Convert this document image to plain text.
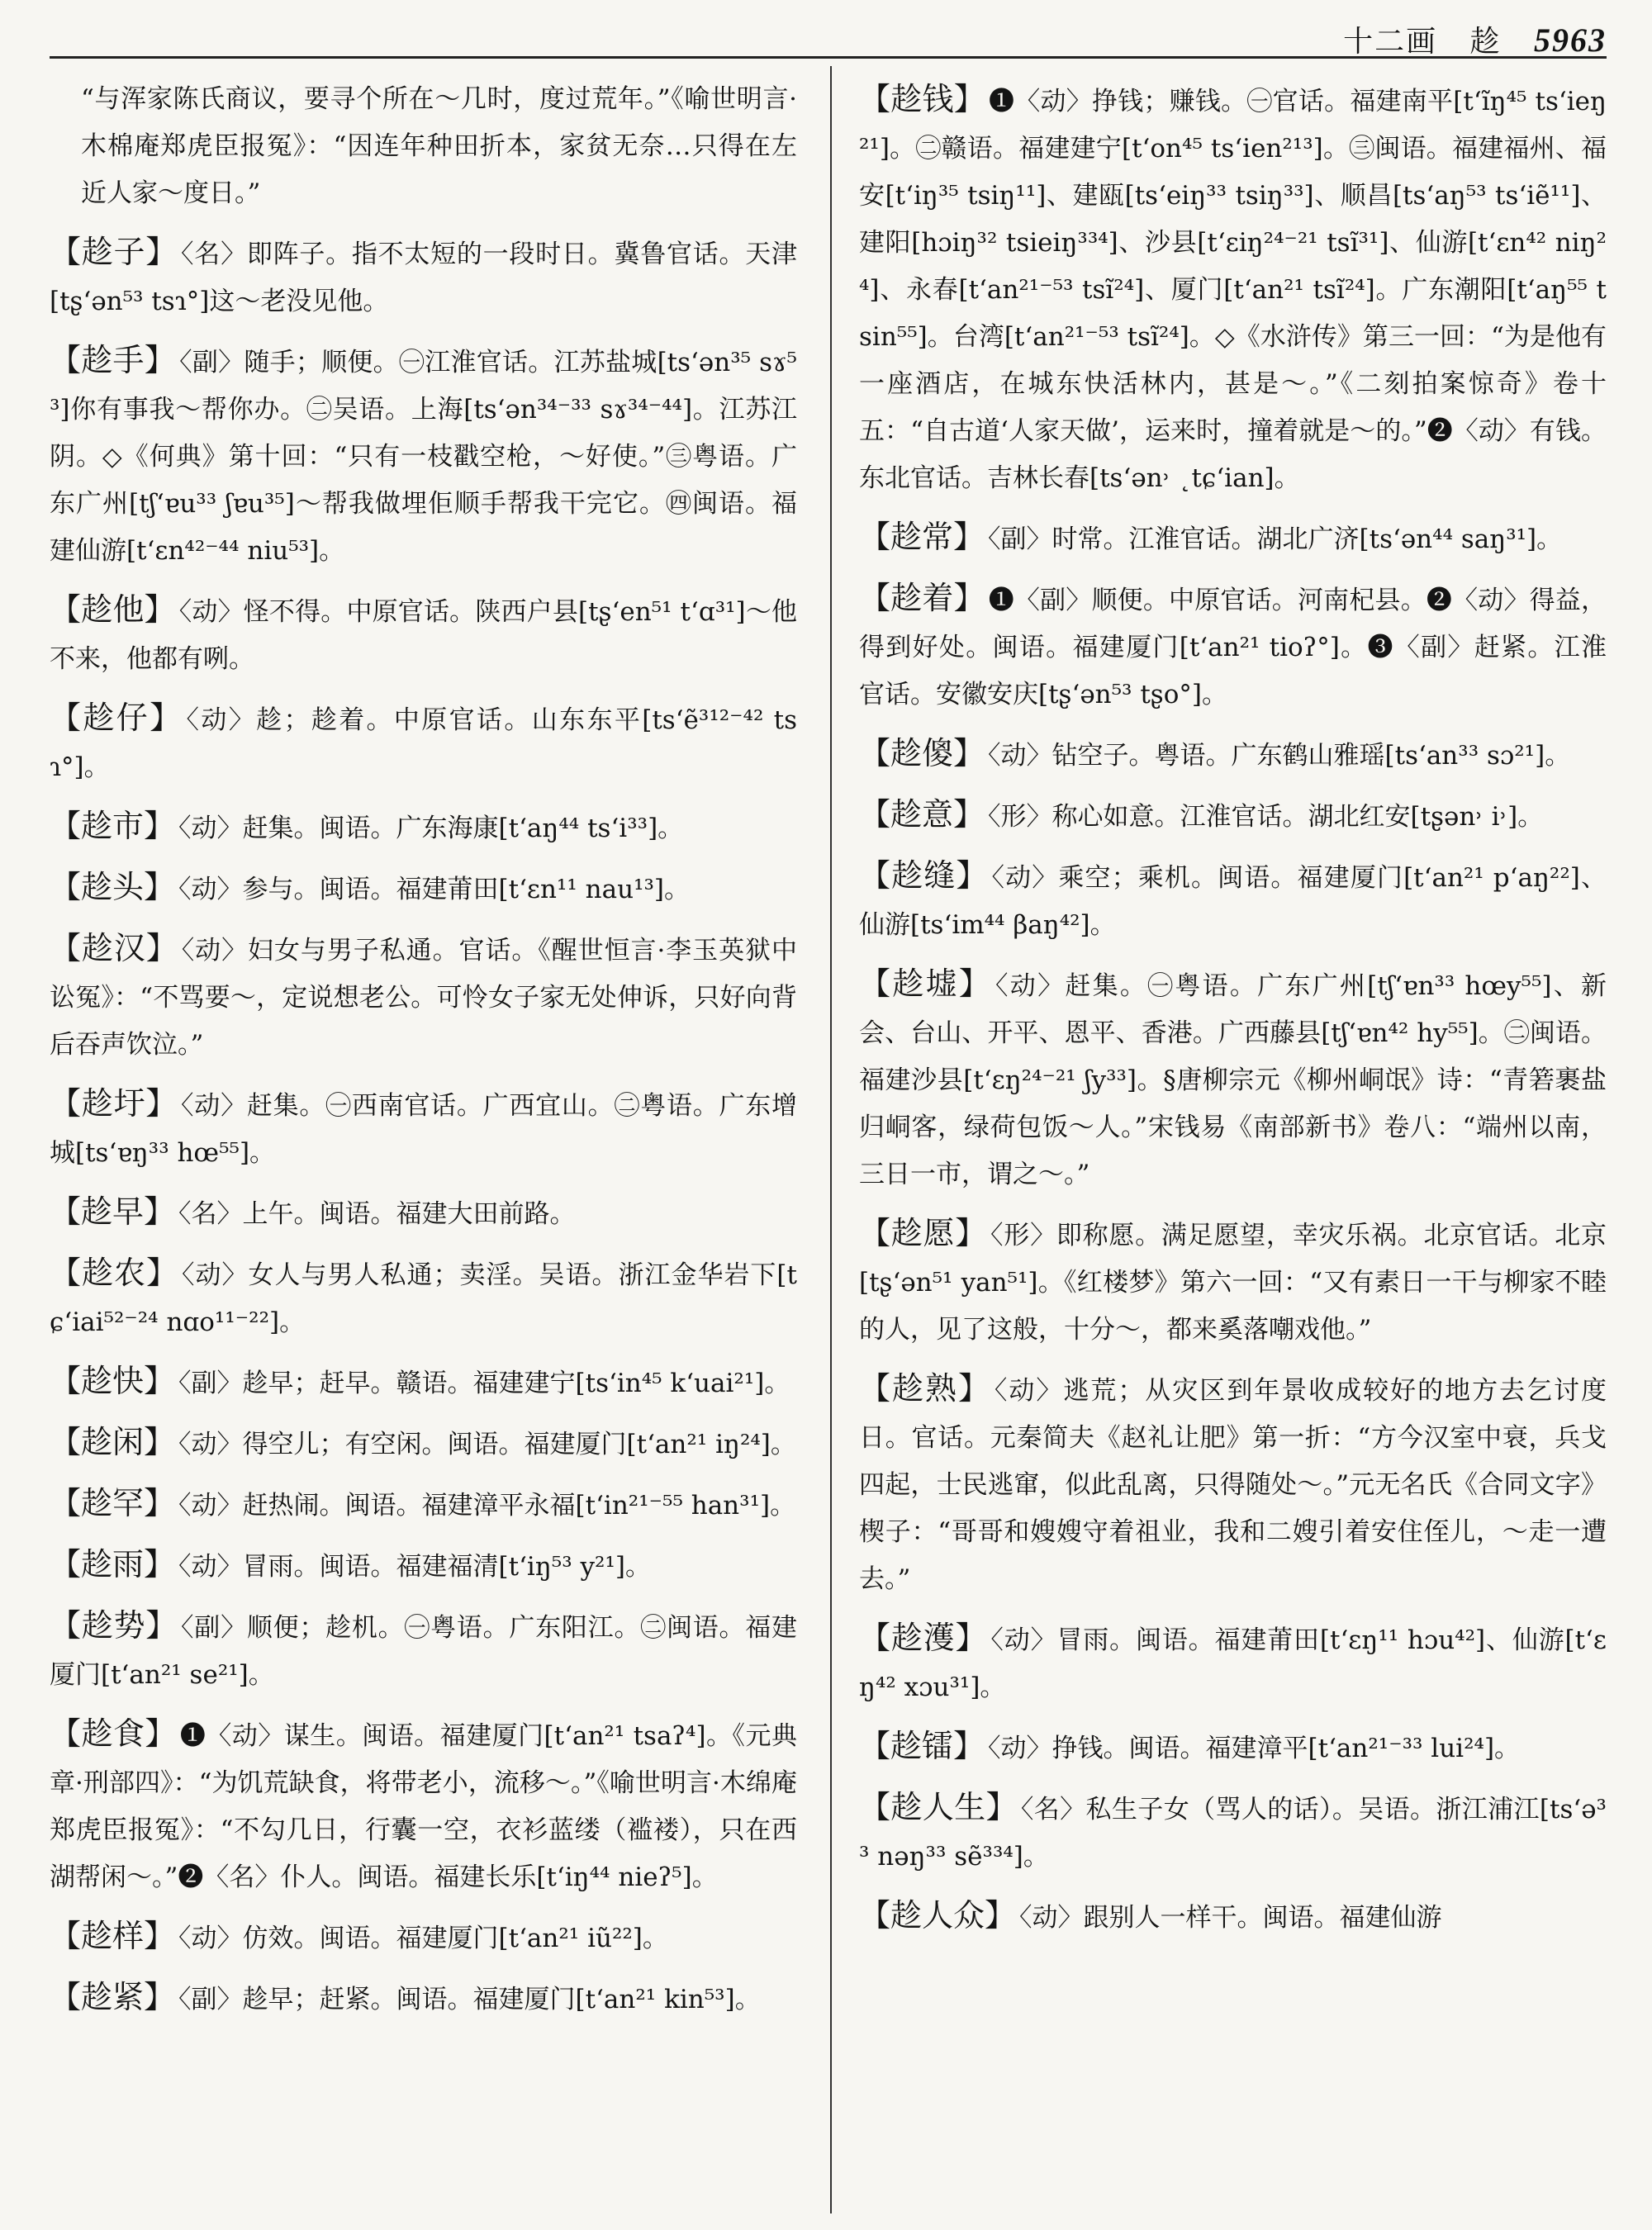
十二画 趁 5963
“与浑家陈氏商议，要寻个所在～几时，度过荒年。”《喻世明言·木棉庵郑虎臣报冤》：“因连年种田折本，家贫无奈…只得在左近人家～度日。”
【趁子】 〈名〉即阵子。指不太短的一段时日。冀鲁官话。天津[tʂ‘ən⁵³ tsɿ°]这～老没见他。
【趁手】 〈副〉随手；顺便。㊀江淮官话。江苏盐城[ts‘ən³⁵ sɤ⁵³]你有事我～帮你办。㊁吴语。上海[ts‘ən³⁴⁻³³ sɤ³⁴⁻⁴⁴]。江苏江阴。◇《何典》第十回：“只有一枝戳空枪，～好使。”㊂粤语。广东广州[tʃ‘ɐu³³ ʃɐu³⁵]～帮我做埋佢顺手帮我干完它。㊃闽语。福建仙游[t‘ɛn⁴²⁻⁴⁴ niu⁵³]。
【趁他】 〈动〉怪不得。中原官话。陕西户县[tʂ‘en⁵¹ t‘ɑ³¹]～他不来，他都有咧。
【趁仔】 〈动〉趁；趁着。中原官话。山东东平[ts‘ẽ³¹²⁻⁴² tsɿ°]。
【趁市】 〈动〉赶集。闽语。广东海康[t‘aŋ⁴⁴ ts‘i³³]。
【趁头】 〈动〉参与。闽语。福建莆田[t‘ɛn¹¹ nau¹³]。
【趁汉】 〈动〉妇女与男子私通。官话。《醒世恒言·李玉英狱中讼冤》：“不骂要～，定说想老公。可怜女子家无处伸诉，只好向背后吞声饮泣。”
【趁圩】 〈动〉赶集。㊀西南官话。广西宜山。㊁粤语。广东增城[ts‘ɐŋ³³ hœ⁵⁵]。
【趁早】 〈名〉上午。闽语。福建大田前路。
【趁农】 〈动〉女人与男人私通；卖淫。吴语。浙江金华岩下[tɕ‘iai⁵²⁻²⁴ nɑo¹¹⁻²²]。
【趁快】 〈副〉趁早；赶早。赣语。福建建宁[ts‘in⁴⁵ k‘uai²¹]。
【趁闲】 〈动〉得空儿；有空闲。闽语。福建厦门[t‘an²¹ iŋ²⁴]。
【趁罕】 〈动〉赶热闹。闽语。福建漳平永福[t‘in²¹⁻⁵⁵ han³¹]。
【趁雨】 〈动〉冒雨。闽语。福建福清[t‘iŋ⁵³ y²¹]。
【趁势】 〈副〉顺便；趁机。㊀粤语。广东阳江。㊁闽语。福建厦门[t‘an²¹ se²¹]。
【趁食】 ❶〈动〉谋生。闽语。福建厦门[t‘an²¹ tsaʔ⁴]。《元典章·刑部四》：“为饥荒缺食，将带老小，流移～。”《喻世明言·木绵庵郑虎臣报冤》：“不勾几日，行囊一空，衣衫蓝缕（褴褛），只在西湖帮闲～。”❷〈名〉仆人。闽语。福建长乐[t‘iŋ⁴⁴ nieʔ⁵]。
【趁样】 〈动〉仿效。闽语。福建厦门[t‘an²¹ iũ²²]。
【趁紧】 〈副〉趁早；赶紧。闽语。福建厦门[t‘an²¹ kin⁵³]。
【趁钱】 ❶〈动〉挣钱；赚钱。㊀官话。福建南平[t‘ĩŋ⁴⁵ ts‘ieŋ²¹]。㊁赣语。福建建宁[t‘on⁴⁵ ts‘ien²¹³]。㊂闽语。福建福州、福安[t‘iŋ³⁵ tsiŋ¹¹]、建瓯[ts‘eiŋ³³ tsiŋ³³]、顺昌[ts‘aŋ⁵³ ts‘iẽ¹¹]、建阳[hɔiŋ³² tsieiŋ³³⁴]、沙县[t‘ɛiŋ²⁴⁻²¹ tsĩ³¹]、仙游[t‘ɛn⁴² niŋ²⁴]、永春[t‘an²¹⁻⁵³ tsĩ²⁴]、厦门[t‘an²¹ tsĩ²⁴]。广东潮阳[t‘aŋ⁵⁵ tsin⁵⁵]。台湾[t‘an²¹⁻⁵³ tsĩ²⁴]。◇《水浒传》第三一回：“为是他有一座酒店，在城东快活林内，甚是～。”《二刻拍案惊奇》卷十五：“自古道‘人家天做’，运来时，撞着就是～的。”❷〈动〉有钱。东北官话。吉林长春[ts‘ən˒ ˛tɕ‘ian]。
【趁常】 〈副〉时常。江淮官话。湖北广济[ts‘ən⁴⁴ saŋ³¹]。
【趁着】 ❶〈副〉顺便。中原官话。河南杞县。❷〈动〉得益，得到好处。闽语。福建厦门[t‘an²¹ tioʔ°]。❸〈副〉赶紧。江淮官话。安徽安庆[tʂ‘ən⁵³ tʂo°]。
【趁傻】 〈动〉钻空子。粤语。广东鹤山雅瑶[ts‘an³³ sɔ²¹]。
【趁意】 〈形〉称心如意。江淮官话。湖北红安[tʂən˒ i˒]。
【趁缝】 〈动〉乘空；乘机。闽语。福建厦门[t‘an²¹ p‘aŋ²²]、仙游[ts‘im⁴⁴ βaŋ⁴²]。
【趁墟】 〈动〉赶集。㊀粤语。广东广州[tʃ‘ɐn³³ hœy⁵⁵]、新会、台山、开平、恩平、香港。广西藤县[tʃ‘ɐn⁴² hy⁵⁵]。㊁闽语。福建沙县[t‘ɛŋ²⁴⁻²¹ ʃy³³]。§唐柳宗元《柳州峒氓》诗：“青箬裹盐归峒客，绿荷包饭～人。”宋钱易《南部新书》卷八：“端州以南，三日一市，谓之～。”
【趁愿】 〈形〉即称愿。满足愿望，幸灾乐祸。北京官话。北京[tʂ‘ən⁵¹ yan⁵¹]。《红楼梦》第六一回：“又有素日一干与柳家不睦的人，见了这般，十分～，都来奚落嘲戏他。”
【趁熟】 〈动〉逃荒；从灾区到年景收成较好的地方去乞讨度日。官话。元秦简夫《赵礼让肥》第一折：“方今汉室中衰，兵戈四起，士民逃窜，似此乱离，只得随处～。”元无名氏《合同文字》楔子：“哥哥和嫂嫂守着祖业，我和二嫂引着安住侄儿，～走一遭去。”
【趁濩】 〈动〉冒雨。闽语。福建莆田[t‘ɛŋ¹¹ hɔu⁴²]、仙游[t‘ɛŋ⁴² xɔu³¹]。
【趁镭】 〈动〉挣钱。闽语。福建漳平[t‘an²¹⁻³³ lui²⁴]。
【趁人生】 〈名〉私生子女（骂人的话）。吴语。浙江浦江[ts‘ə³³ nəŋ³³ sẽ³³⁴]。
【趁人众】 〈动〉跟别人一样干。闽语。福建仙游
